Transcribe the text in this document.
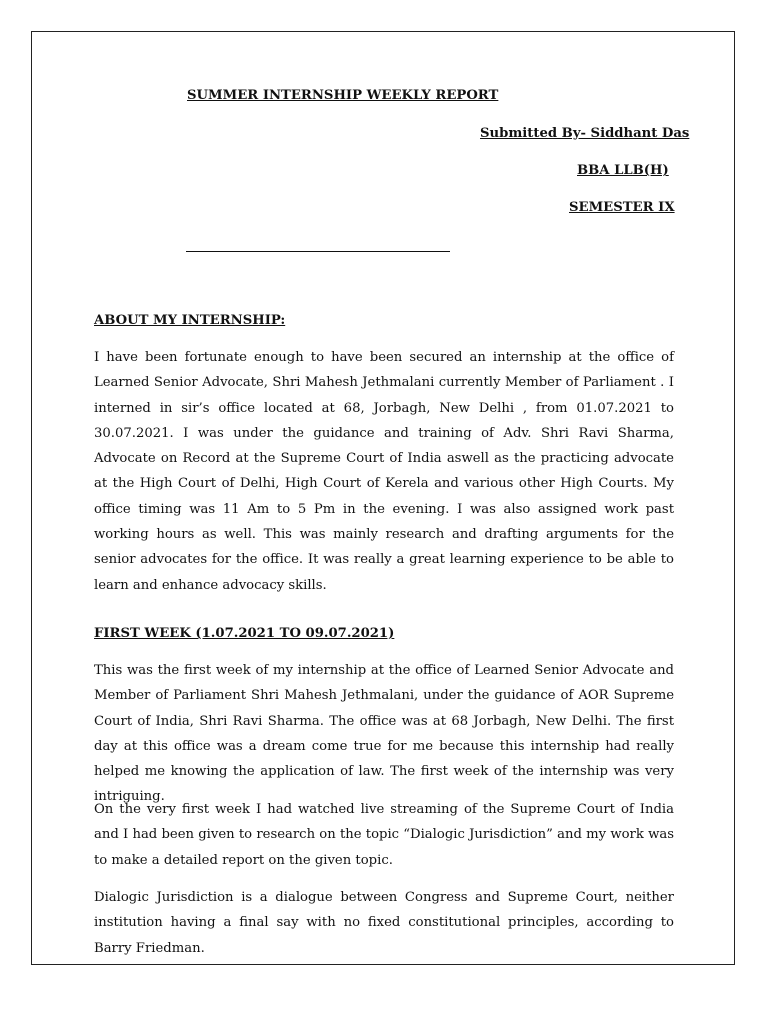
SUMMER INTERNSHIP WEEKLY REPORT
Submitted By- Siddhant Das
BBA LLB(H)
SEMESTER IX
ABOUT MY INTERNSHIP:
I have been fortunate enough to have been secured an internship at the office of Learned Senior Advocate, Shri Mahesh Jethmalani currently Member of Parliament . I interned in sir’s office located at 68, Jorbagh, New Delhi , from 01.07.2021 to 30.07.2021. I was under the guidance and training of Adv. Shri Ravi Sharma, Advocate on Record at the Supreme Court of India aswell as the practicing advocate at the High Court of Delhi, High Court of Kerela and various other High Courts. My office timing was 11 Am to 5 Pm in the evening. I was also assigned work past working hours as well. This was mainly research and drafting arguments for the senior advocates for the office. It was really a great learning experience to be able to learn and enhance advocacy skills.
FIRST WEEK (1.07.2021 TO 09.07.2021)
This was the first week of my internship at the office of Learned Senior Advocate and Member of Parliament Shri Mahesh Jethmalani, under the guidance of AOR Supreme Court of India, Shri Ravi Sharma. The office was at 68 Jorbagh, New Delhi. The first day at this office was a dream come true for me because this internship had really helped me knowing the application of law. The first week of the internship was very intriguing.
On the very first week I had watched live streaming of the Supreme Court of India and I had been given to research on the topic “Dialogic Jurisdiction” and my work was to make a detailed report on the given topic.
Dialogic Jurisdiction is a dialogue between Congress and Supreme Court, neither institution having a final say with no fixed constitutional principles, according to Barry Friedman.
